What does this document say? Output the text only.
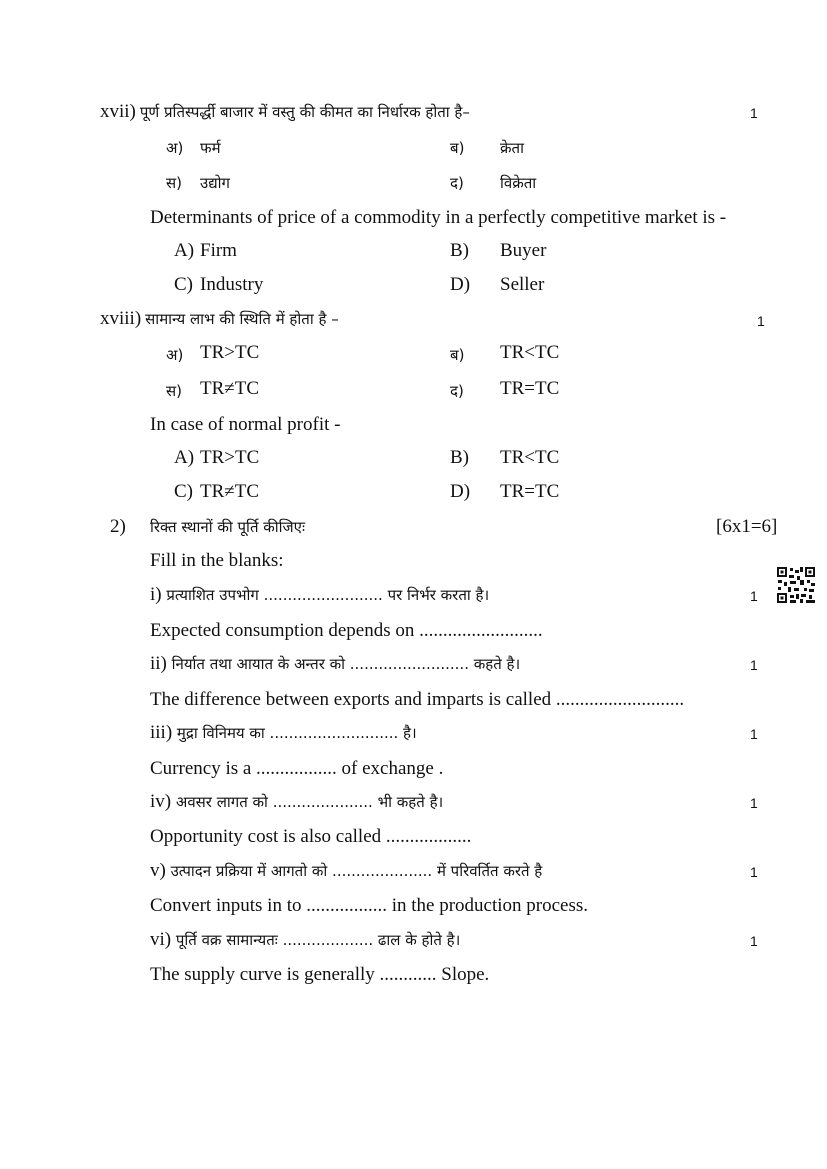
xvii) पूर्ण प्रतिस्पर्द्धी बाजार में वस्तु की कीमत का निर्धारक होता है–	1
अ) फर्म	ब) क्रेता
स) उद्योग	द) विक्रेता
Determinants of price of a commodity in a perfectly competitive market is -
A) Firm	B) Buyer
C) Industry	D) Seller
xviii) सामान्य लाभ की स्थिति में होता है –	1
अ) TR>TC	ब) TR<TC
स) TR≠TC	द) TR=TC
In case of normal profit -
A) TR>TC	B) TR<TC
C) TR≠TC	D) TR=TC
2) रिक्त स्थानों की पूर्ति कीजिएः	[6x1=6]
Fill in the blanks:
i) प्रत्याशित उपभोग ......................... पर निर्भर करता है।	1
Expected consumption depends on ..........................
ii) निर्यात तथा आयात के अन्तर को ......................... कहते है।	1
The difference between exports and imparts is called ...........................
iii) मुद्रा विनिमय का ........................... है।	1
Currency is a ................. of exchange .
iv) अवसर लागत को ..................... भी कहते है।	1
Opportunity cost is also called ..................
v) उत्पादन प्रक्रिया में आगतो को ..................... में परिवर्तित करते है	1
Convert inputs in to ................. in the production process.
vi) पूर्ति वक्र सामान्यतः ................... ढाल के होते है।	1
The supply curve is generally ............ Slope.
